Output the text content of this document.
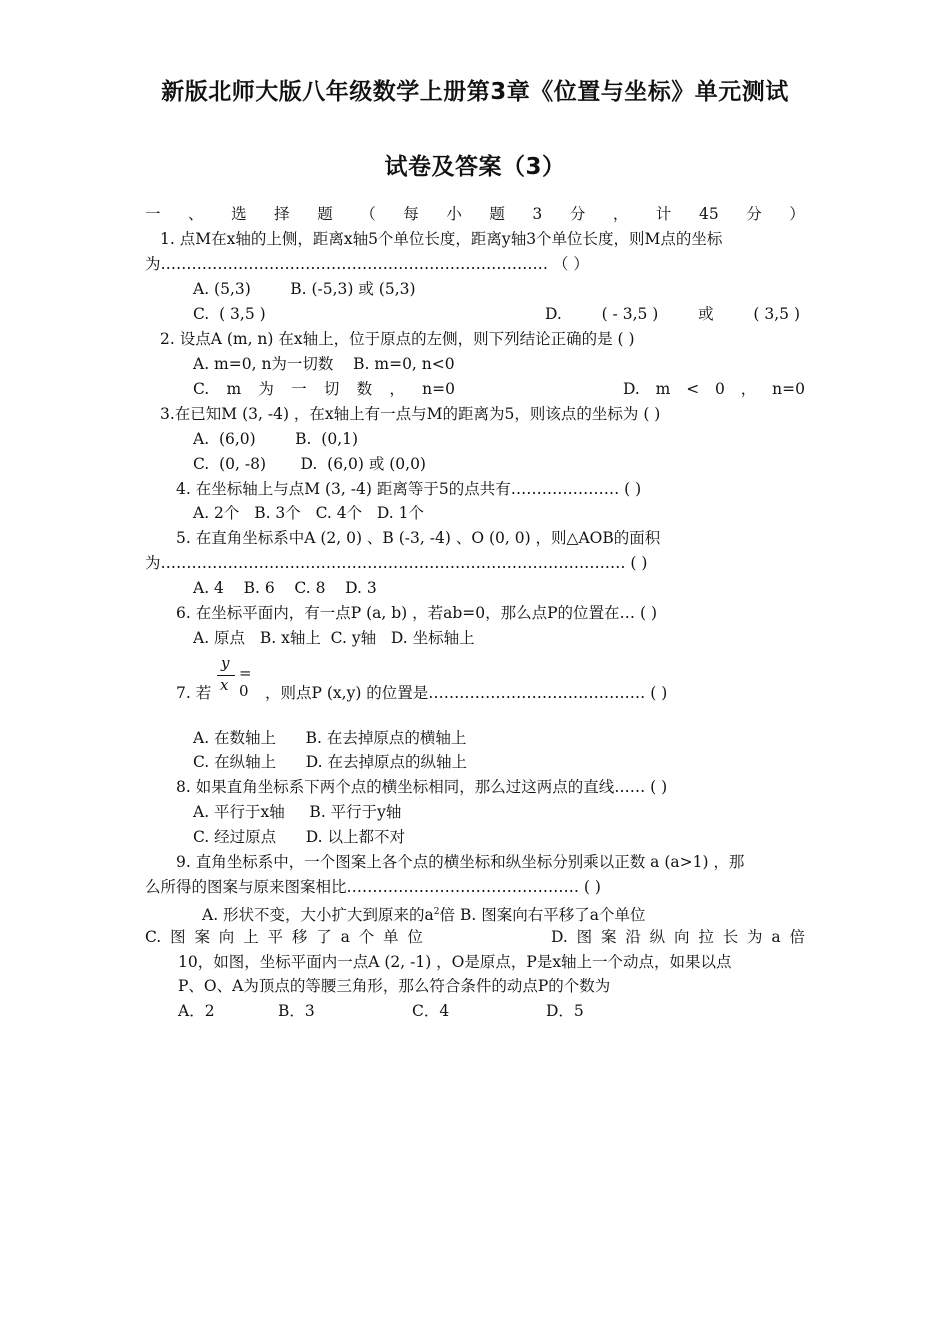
新版北师大版八年级数学上册第3章《位置与坐标》单元测试
试卷及答案（3）
一 、 选 择 题 （ 每 小 题 3 分 ， 计 45 分 ）
1. 点M在x轴的上侧，距离x轴5个单位长度，距离y轴3个单位长度，则M点的坐标
为………………………………………………………………… （ ）
A. (5,3)        B. (-5,3) 或 (5,3)
C.  ( 3,5 )	D.	( - 3,5 )	或	( 3,5 )
2. 设点A (m, n) 在x轴上，位于原点的左侧，则下列结论正确的是 ( )
A. m=0, n为一切数    B. m=0, n<0
C. m 为 一 切 数 ， n=0	D. m < 0 ， n=0
3.在已知M (3, -4) ，在x轴上有一点与M的距离为5，则该点的坐标为 ( )
A.  (6,0)        B.  (0,1)
C.  (0, -8)       D.  (6,0) 或 (0,0)
4. 在坐标轴上与点M (3, -4) 距离等于5的点共有………………… ( )
A. 2个   B. 3个   C. 4个   D. 1个
5. 在直角坐标系中A (2, 0) 、B (-3, -4) 、O (0, 0) ，则△AOB的面积
为……………………………………………………………………………… ( )
A. 4    B. 6    C. 8    D. 3
6. 在坐标平面内，有一点P (a, b) ，若ab=0，那么点P的位置在… ( )
A. 原点   B. x轴上  C. y轴   D. 坐标轴上
y
x
= 0
7. 若	，则点P (x,y) 的位置是…………………………………… ( )
A. 在数轴上      B. 在去掉原点的横轴上
C. 在纵轴上      D. 在去掉原点的纵轴上
8. 如果直角坐标系下两个点的横坐标相同，那么过这两点的直线…… ( )
A. 平行于x轴     B. 平行于y轴
C. 经过原点      D. 以上都不对
9. 直角坐标系中，一个图案上各个点的横坐标和纵坐标分别乘以正数 a (a>1) ，那
么所得的图案与原来图案相比……………………………………… ( )
A. 形状不变，大小扩大到原来的$a^2$倍 B. 图案向右平移了a个单位
C. 图 案 向 上 平 移 了 a 个 单 位	D. 图 案 沿 纵 向 拉 长 为 a 倍
10，如图，坐标平面内一点A (2, -1) ，O是原点，P是x轴上一个动点，如果以点
P、O、A为顶点的等腰三角形，那么符合条件的动点P的个数为
A．2	B．3	C．4	D．5
